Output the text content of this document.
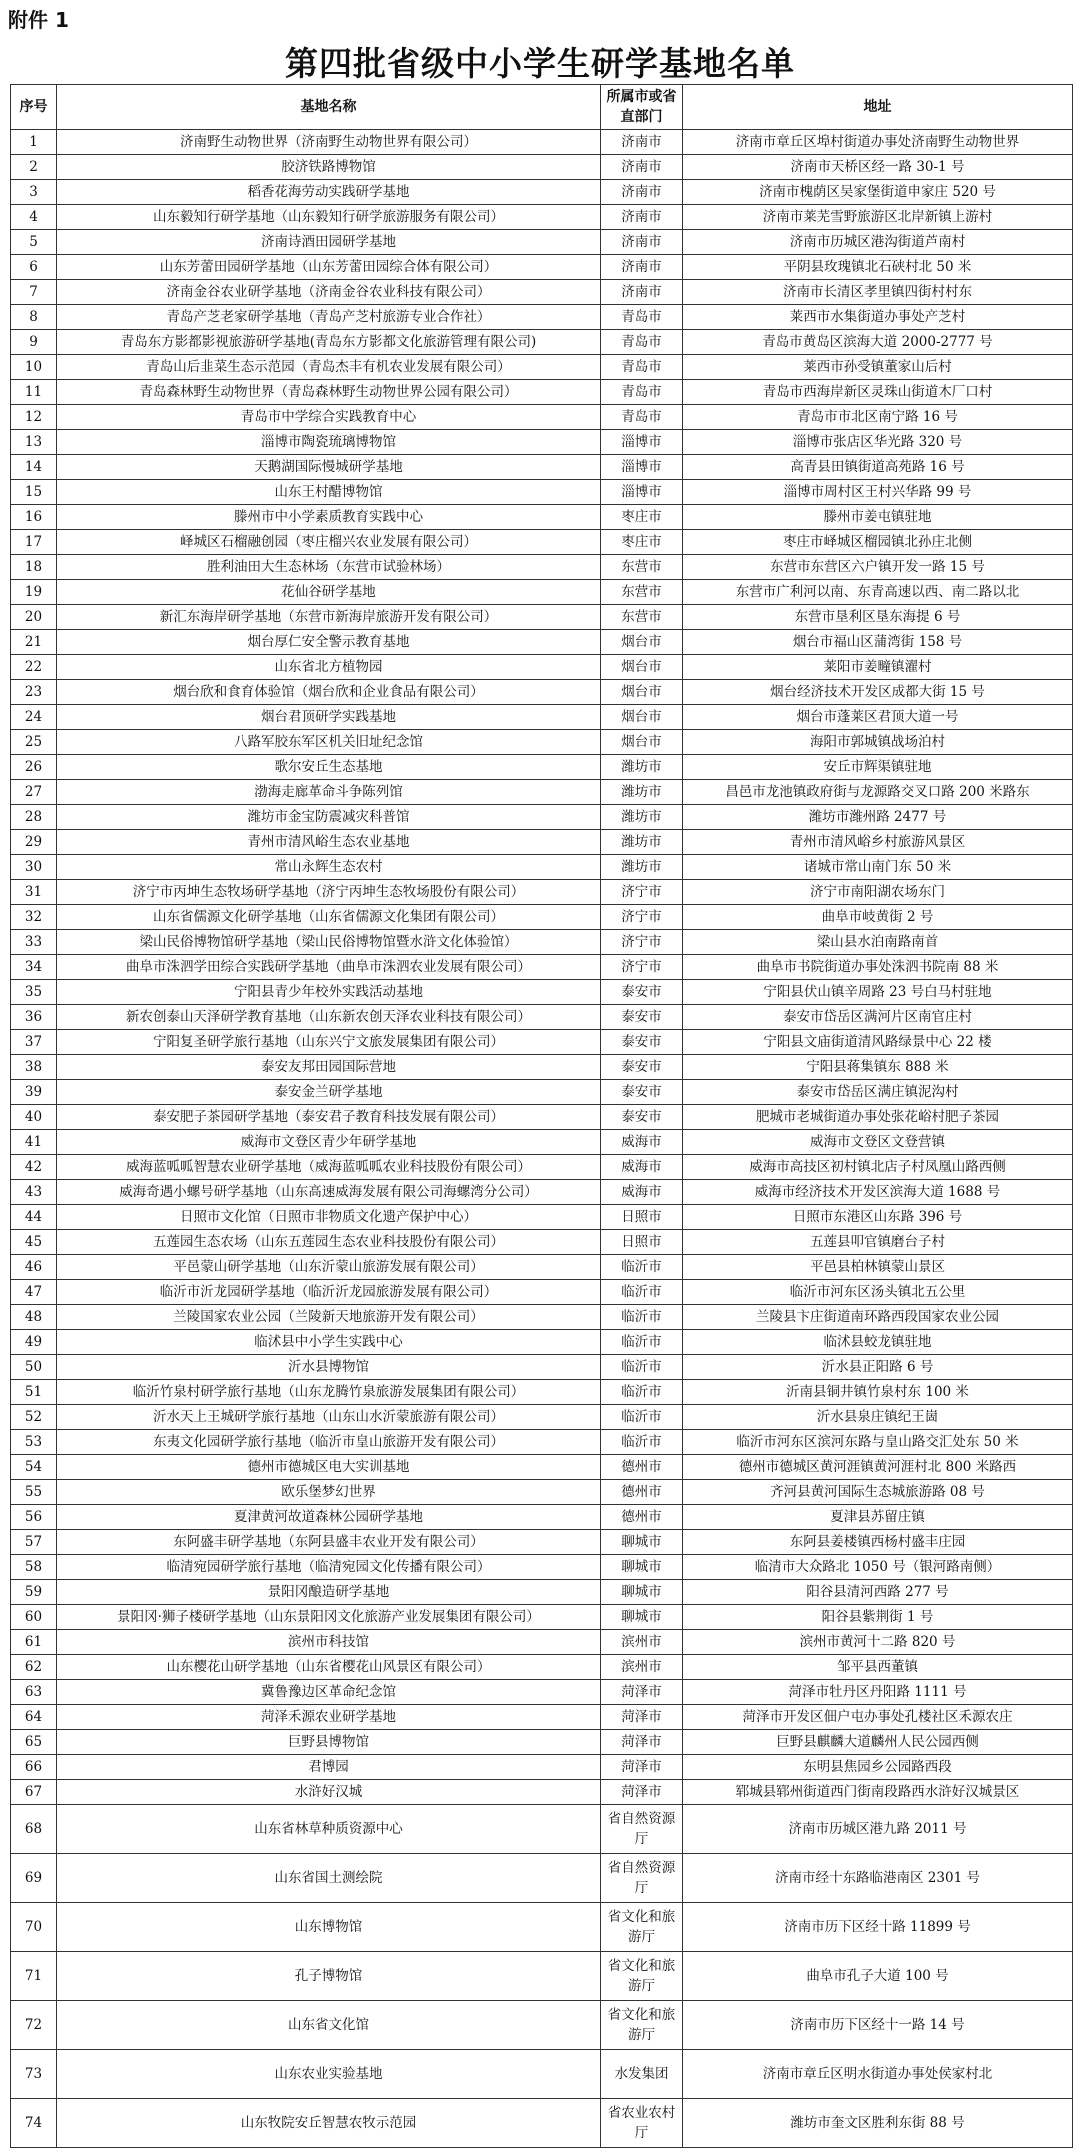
附件 1
第四批省级中小学生研学基地名单
序号	基地名称	所属市或省直部门	地址
1	济南野生动物世界（济南野生动物世界有限公司）	济南市	济南市章丘区埠村街道办事处济南野生动物世界
2	胶济铁路博物馆	济南市	济南市天桥区经一路 30-1 号
3	稻香花海劳动实践研学基地	济南市	济南市槐荫区吴家堡街道申家庄 520 号
4	山东毅知行研学基地（山东毅知行研学旅游服务有限公司）	济南市	济南市莱芜雪野旅游区北岸新镇上游村
5	济南诗酒田园研学基地	济南市	济南市历城区港沟街道芦南村
6	山东芳蕾田园研学基地（山东芳蕾田园综合体有限公司）	济南市	平阴县玫瑰镇北石硖村北 50 米
7	济南金谷农业研学基地（济南金谷农业科技有限公司）	济南市	济南市长清区孝里镇四街村村东
8	青岛产芝老家研学基地（青岛产芝村旅游专业合作社）	青岛市	莱西市水集街道办事处产芝村
9	青岛东方影都影视旅游研学基地(青岛东方影都文化旅游管理有限公司)	青岛市	青岛市黄岛区滨海大道 2000-2777 号
10	青岛山后韭菜生态示范园（青岛杰丰有机农业发展有限公司）	青岛市	莱西市孙受镇董家山后村
11	青岛森林野生动物世界（青岛森林野生动物世界公园有限公司）	青岛市	青岛市西海岸新区灵珠山街道木厂口村
12	青岛市中学综合实践教育中心	青岛市	青岛市市北区南宁路 16 号
13	淄博市陶瓷琉璃博物馆	淄博市	淄博市张店区华光路 320 号
14	天鹅湖国际慢城研学基地	淄博市	高青县田镇街道高苑路 16 号
15	山东王村醋博物馆	淄博市	淄博市周村区王村兴华路 99 号
16	滕州市中小学素质教育实践中心	枣庄市	滕州市姜屯镇驻地
17	峄城区石榴融创园（枣庄榴兴农业发展有限公司）	枣庄市	枣庄市峄城区榴园镇北孙庄北侧
18	胜利油田大生态林场（东营市试验林场）	东营市	东营市东营区六户镇开发一路 15 号
19	花仙谷研学基地	东营市	东营市广利河以南、东青高速以西、南二路以北
20	新汇东海岸研学基地（东营市新海岸旅游开发有限公司）	东营市	东营市垦利区垦东海提 6 号
21	烟台厚仁安全警示教育基地	烟台市	烟台市福山区蒲湾街 158 号
22	山东省北方植物园	烟台市	莱阳市姜疃镇濯村
23	烟台欣和食育体验馆（烟台欣和企业食品有限公司）	烟台市	烟台经济技术开发区成都大街 15 号
24	烟台君顶研学实践基地	烟台市	烟台市蓬莱区君顶大道一号
25	八路军胶东军区机关旧址纪念馆	烟台市	海阳市郭城镇战场泊村
26	歌尔安丘生态基地	潍坊市	安丘市辉渠镇驻地
27	渤海走廊革命斗争陈列馆	潍坊市	昌邑市龙池镇政府街与龙源路交叉口路 200 米路东
28	潍坊市金宝防震减灾科普馆	潍坊市	潍坊市潍州路 2477 号
29	青州市清风峪生态农业基地	潍坊市	青州市清风峪乡村旅游风景区
30	常山永辉生态农村	潍坊市	诸城市常山南门东 50 米
31	济宁市丙坤生态牧场研学基地（济宁丙坤生态牧场股份有限公司）	济宁市	济宁市南阳湖农场东门
32	山东省儒源文化研学基地（山东省儒源文化集团有限公司）	济宁市	曲阜市岐黄街 2 号
33	梁山民俗博物馆研学基地（梁山民俗博物馆暨水浒文化体验馆）	济宁市	梁山县水泊南路南首
34	曲阜市洙泗学田综合实践研学基地（曲阜市洙泗农业发展有限公司）	济宁市	曲阜市书院街道办事处洙泗书院南 88 米
35	宁阳县青少年校外实践活动基地	泰安市	宁阳县伏山镇辛周路 23 号白马村驻地
36	新农创泰山天泽研学教育基地（山东新农创天泽农业科技有限公司）	泰安市	泰安市岱岳区满河片区南官庄村
37	宁阳复圣研学旅行基地（山东兴宁文旅发展集团有限公司）	泰安市	宁阳县文庙街道清风路绿景中心 22 楼
38	泰安友邦田园国际营地	泰安市	宁阳县蒋集镇东 888 米
39	泰安金兰研学基地	泰安市	泰安市岱岳区满庄镇泥沟村
40	泰安肥子茶园研学基地（泰安君子教育科技发展有限公司）	泰安市	肥城市老城街道办事处张花峪村肥子茶园
41	威海市文登区青少年研学基地	威海市	威海市文登区文登营镇
42	威海蓝呱呱智慧农业研学基地（威海蓝呱呱农业科技股份有限公司）	威海市	威海市高技区初村镇北店子村凤凰山路西侧
43	威海奇遇小螺号研学基地（山东高速威海发展有限公司海螺湾分公司）	威海市	威海市经济技术开发区滨海大道 1688 号
44	日照市文化馆（日照市非物质文化遗产保护中心）	日照市	日照市东港区山东路 396 号
45	五莲园生态农场（山东五莲园生态农业科技股份有限公司）	日照市	五莲县叩官镇磨台子村
46	平邑蒙山研学基地（山东沂蒙山旅游发展有限公司）	临沂市	平邑县柏林镇蒙山景区
47	临沂市沂龙园研学基地（临沂沂龙园旅游发展有限公司）	临沂市	临沂市河东区汤头镇北五公里
48	兰陵国家农业公园（兰陵新天地旅游开发有限公司）	临沂市	兰陵县卞庄街道南环路西段国家农业公园
49	临沭县中小学生实践中心	临沂市	临沭县蛟龙镇驻地
50	沂水县博物馆	临沂市	沂水县正阳路 6 号
51	临沂竹泉村研学旅行基地（山东龙腾竹泉旅游发展集团有限公司）	临沂市	沂南县铜井镇竹泉村东 100 米
52	沂水天上王城研学旅行基地（山东山水沂蒙旅游有限公司）	临沂市	沂水县泉庄镇纪王崮
53	东夷文化园研学旅行基地（临沂市皇山旅游开发有限公司）	临沂市	临沂市河东区滨河东路与皇山路交汇处东 50 米
54	德州市德城区电大实训基地	德州市	德州市德城区黄河涯镇黄河涯村北 800 米路西
55	欧乐堡梦幻世界	德州市	齐河县黄河国际生态城旅游路 08 号
56	夏津黄河故道森林公园研学基地	德州市	夏津县苏留庄镇
57	东阿盛丰研学基地（东阿县盛丰农业开发有限公司）	聊城市	东阿县姜楼镇西杨村盛丰庄园
58	临清宛园研学旅行基地（临清宛园文化传播有限公司）	聊城市	临清市大众路北 1050 号（银河路南侧）
59	景阳冈酿造研学基地	聊城市	阳谷县清河西路 277 号
60	景阳冈·狮子楼研学基地（山东景阳冈文化旅游产业发展集团有限公司）	聊城市	阳谷县紫荆街 1 号
61	滨州市科技馆	滨州市	滨州市黄河十二路 820 号
62	山东樱花山研学基地（山东省樱花山风景区有限公司）	滨州市	邹平县西董镇
63	冀鲁豫边区革命纪念馆	菏泽市	菏泽市牡丹区丹阳路 1111 号
64	菏泽禾源农业研学基地	菏泽市	菏泽市开发区佃户屯办事处孔楼社区禾源农庄
65	巨野县博物馆	菏泽市	巨野县麒麟大道麟州人民公园西侧
66	君博园	菏泽市	东明县焦园乡公园路西段
67	水浒好汉城	菏泽市	郓城县郓州街道西门街南段路西水浒好汉城景区
68	山东省林草种质资源中心	省自然资源厅	济南市历城区港九路 2011 号
69	山东省国土测绘院	省自然资源厅	济南市经十东路临港南区 2301 号
70	山东博物馆	省文化和旅游厅	济南市历下区经十路 11899 号
71	孔子博物馆	省文化和旅游厅	曲阜市孔子大道 100 号
72	山东省文化馆	省文化和旅游厅	济南市历下区经十一路 14 号
73	山东农业实验基地	水发集团	济南市章丘区明水街道办事处侯家村北
74	山东牧院安丘智慧农牧示范园	省农业农村厅	潍坊市奎文区胜利东街 88 号
